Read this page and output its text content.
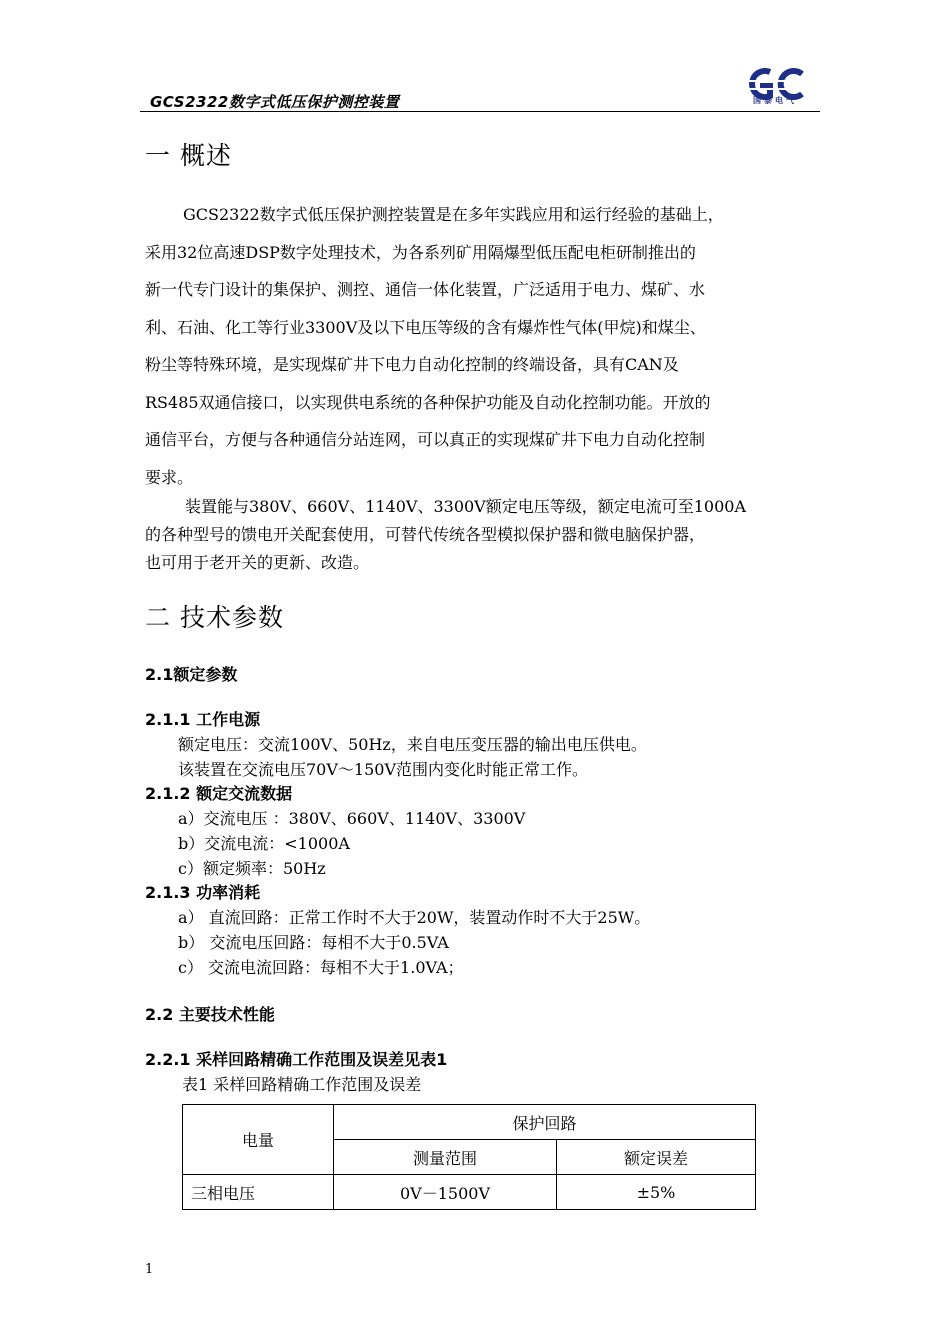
GCS2322数字式低压保护测控装置	国泰电气
一 概述
GCS2322数字式低压保护测控装置是在多年实践应用和运行经验的基础上，
采用32位高速DSP数字处理技术，为各系列矿用隔爆型低压配电柜研制推出的
新一代专门设计的集保护、测控、通信一体化装置，广泛适用于电力、煤矿、水
利、石油、化工等行业3300V及以下电压等级的含有爆炸性气体(甲烷)和煤尘、
粉尘等特殊环境，是实现煤矿井下电力自动化控制的终端设备，具有CAN及
RS485双通信接口，以实现供电系统的各种保护功能及自动化控制功能。开放的
通信平台，方便与各种通信分站连网，可以真正的实现煤矿井下电力自动化控制
要求。
装置能与380V、660V、1140V、3300V额定电压等级，额定电流可至1000A
的各种型号的馈电开关配套使用，可替代传统各型模拟保护器和微电脑保护器，
也可用于老开关的更新、改造。
二 技术参数
2.1额定参数
2.1.1 工作电源
额定电压：交流100V、50Hz，来自电压变压器的输出电压供电。
该装置在交流电压70V～150V范围内变化时能正常工作。
2.1.2 额定交流数据
a）交流电压 ：380V、660V、1140V、3300V
b）交流电流：<1000A
c）额定频率：50Hz
2.1.3 功率消耗
a） 直流回路：正常工作时不大于20W，装置动作时不大于25W。
b） 交流电压回路：每相不大于0.5VA
c） 交流电流回路：每相不大于1.0VA；
2.2 主要技术性能
2.2.1 采样回路精确工作范围及误差见表1
表1 采样回路精确工作范围及误差
电量	保护回路	
	测量范围	额定误差
三相电压	0V－1500V	±5%
1
